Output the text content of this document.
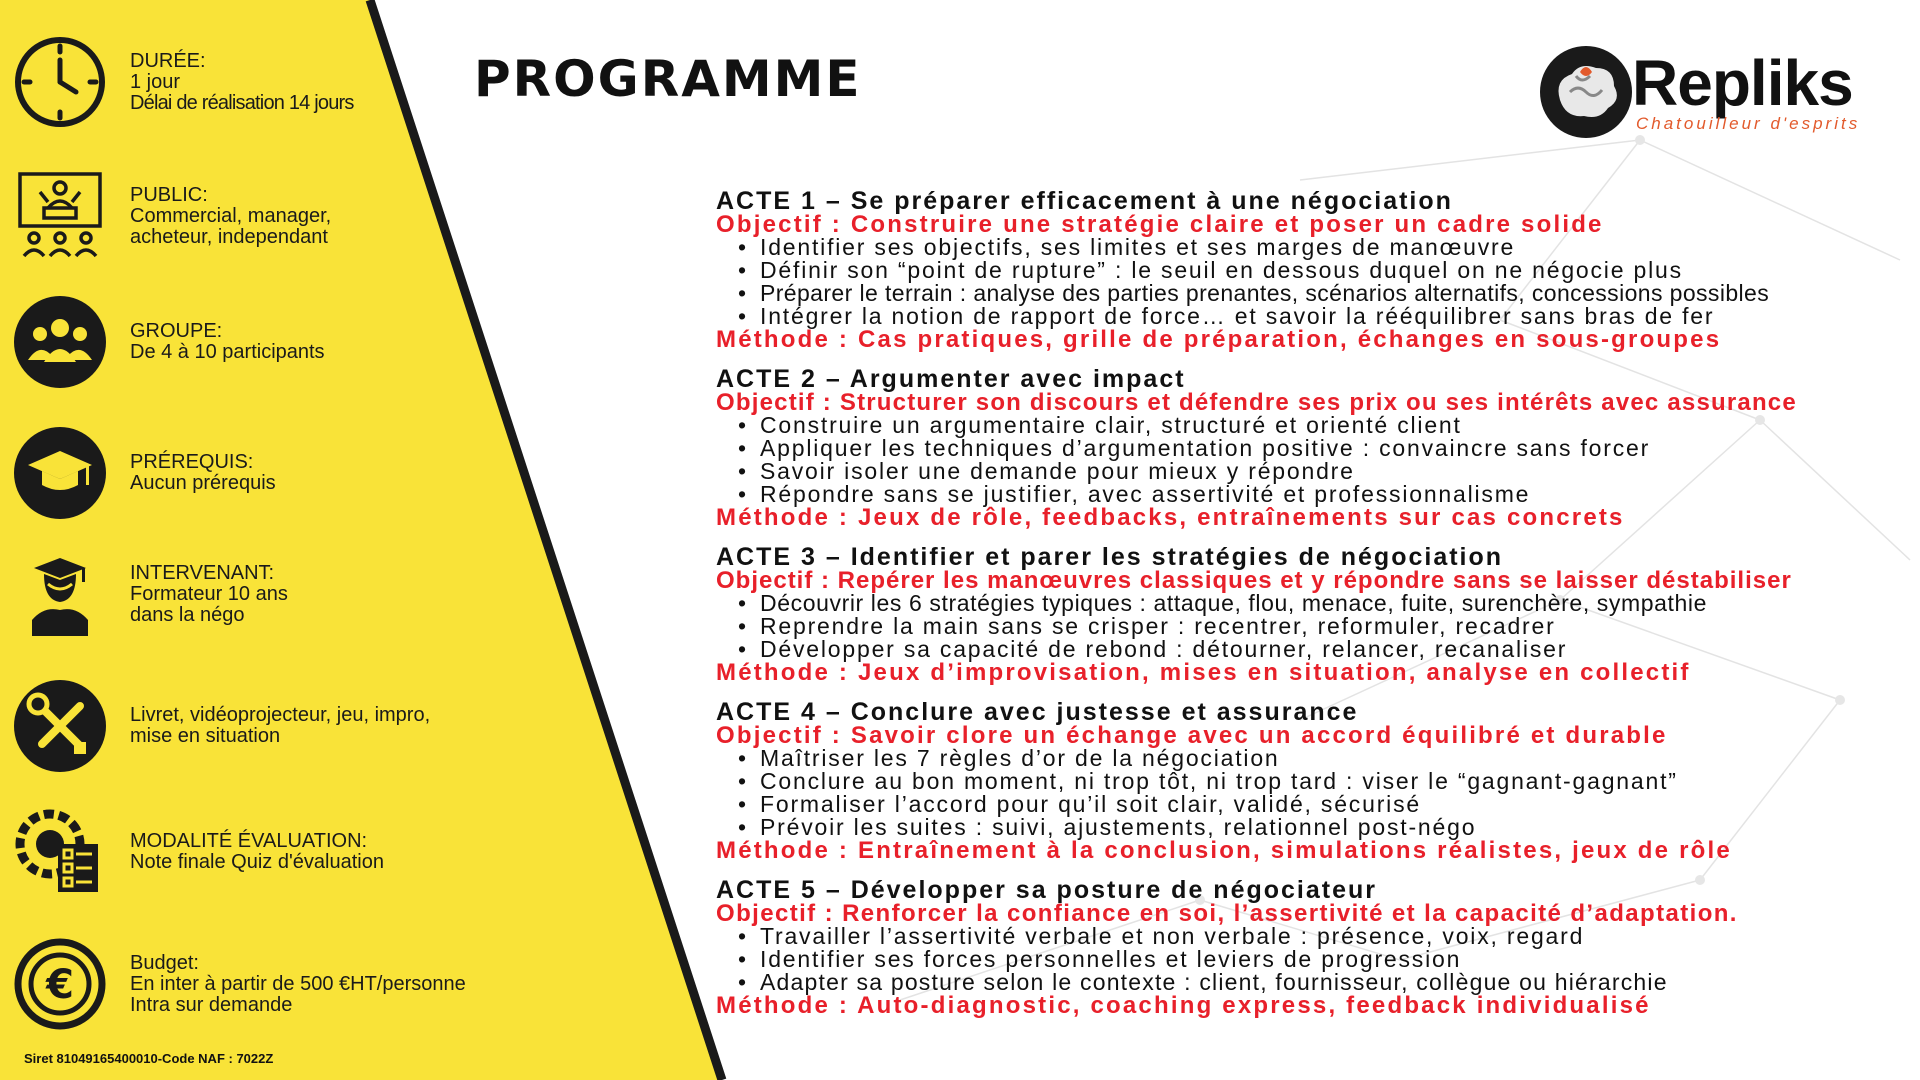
DURÉE:
1 jour
Délai de réalisation 14 jours
PUBLIC:
Commercial, manager,
acheteur, independant
GROUPE:
De 4 à 10 participants
PRÉREQUIS:
Aucun prérequis
INTERVENANT:
Formateur 10 ans
dans la négo
Livret, vidéoprojecteur, jeu, impro,
mise en situation
MODALITÉ ÉVALUATION:
Note finale Quiz d'évaluation
€	Budget:
En inter à partir de 500 €HT/personne
Intra sur demande
Siret 81049165400010-Code NAF : 7022Z
PROGRAMME	Repliks
Chatouilleur d'esprits
ACTE 1 – Se préparer efficacement à une négociation
Objectif : Construire une stratégie claire et poser un cadre solide
• Identifier ses objectifs, ses limites et ses marges de manœuvre
• Définir son “point de rupture” : le seuil en dessous duquel on ne négocie plus
• Préparer le terrain : analyse des parties prenantes, scénarios alternatifs, concessions possibles
• Intégrer la notion de rapport de force… et savoir la rééquilibrer sans bras de fer
Méthode : Cas pratiques, grille de préparation, échanges en sous-groupes
ACTE 2 – Argumenter avec impact
Objectif : Structurer son discours et défendre ses prix ou ses intérêts avec assurance
• Construire un argumentaire clair, structuré et orienté client
• Appliquer les techniques d’argumentation positive : convaincre sans forcer
• Savoir isoler une demande pour mieux y répondre
• Répondre sans se justifier, avec assertivité et professionnalisme
Méthode : Jeux de rôle, feedbacks, entraînements sur cas concrets
ACTE 3 – Identifier et parer les stratégies de négociation
Objectif : Repérer les manœuvres classiques et y répondre sans se laisser déstabiliser
• Découvrir les 6 stratégies typiques : attaque, flou, menace, fuite, surenchère, sympathie
• Reprendre la main sans se crisper : recentrer, reformuler, recadrer
• Développer sa capacité de rebond : détourner, relancer, recanaliser
Méthode : Jeux d’improvisation, mises en situation, analyse en collectif
ACTE 4 – Conclure avec justesse et assurance
Objectif : Savoir clore un échange avec un accord équilibré et durable
• Maîtriser les 7 règles d’or de la négociation
• Conclure au bon moment, ni trop tôt, ni trop tard : viser le “gagnant-gagnant”
• Formaliser l’accord pour qu’il soit clair, validé, sécurisé
• Prévoir les suites : suivi, ajustements, relationnel post-négo
Méthode : Entraînement à la conclusion, simulations réalistes, jeux de rôle
ACTE 5 – Développer sa posture de négociateur
Objectif : Renforcer la confiance en soi, l’assertivité et la capacité d’adaptation.
• Travailler l’assertivité verbale et non verbale : présence, voix, regard
• Identifier ses forces personnelles et leviers de progression
• Adapter sa posture selon le contexte : client, fournisseur, collègue ou hiérarchie
Méthode : Auto-diagnostic, coaching express, feedback individualisé
